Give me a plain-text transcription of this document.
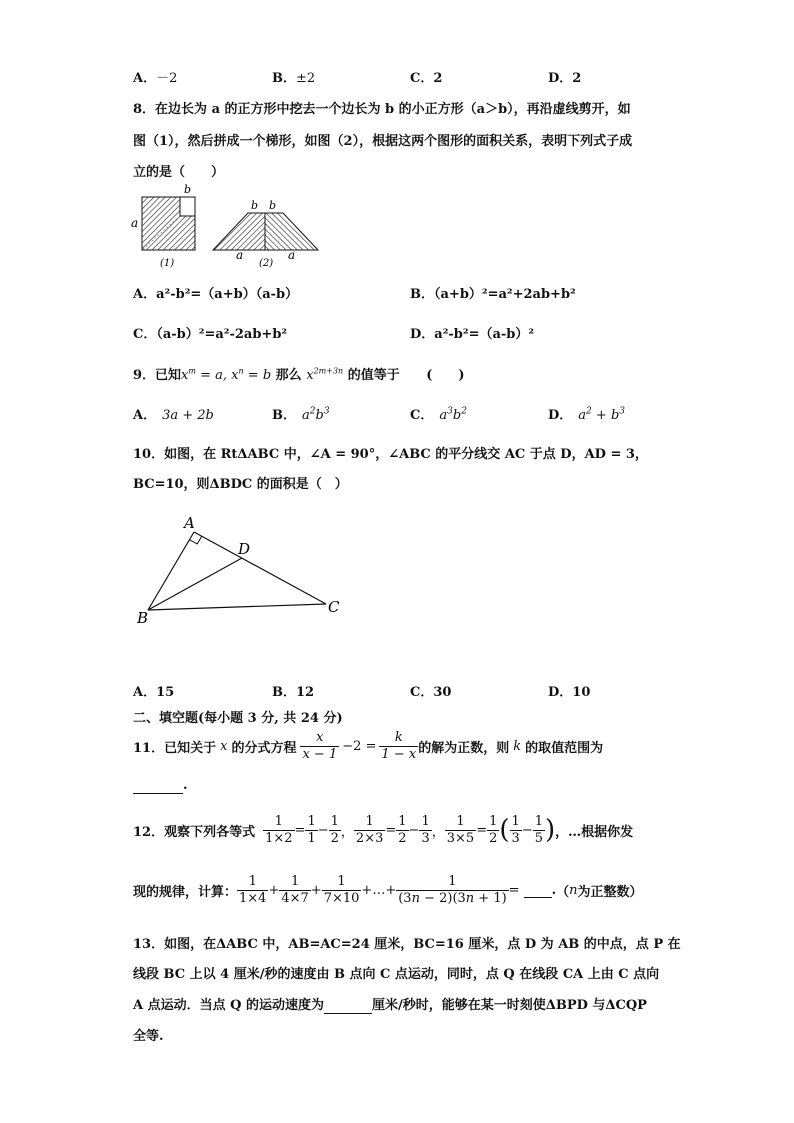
A．－2	B．±2	C．2	D．2
8．在边长为 a 的正方形中挖去一个边长为 b 的小正方形（a＞b），再沿虚线剪开，如
图（1），然后拼成一个梯形，如图（2），根据这两个图形的面积关系，表明下列式子成
立的是（　　）
a
b
(1)
b b
a	a
(2)
A．a²-b²=（a+b）（a-b）	B．（a+b）²=a²+2ab+b²
C．（a-b）²=a²-2ab+b²	D．a²-b²=（a-b）²
9．已知$x^m = a$, $x^n = b$ 那么 $x^{2m+3n}$ 的值等于 (　　)
A． 3a + 2b	B． $a^2b^3$	C． $a^3b^2$	D． $a^2 + b^3$
10．如图，在 RtΔABC 中，∠A = 90°，∠ABC 的平分线交 AC 于点 D，AD = 3，
BC=10，则ΔBDC 的面积是（　）
A
D
B
C
A．15	B．12	C．30	D．10
二、填空题(每小题 3 分, 共 24 分)
11．已知关于 x 的分式方程 $\frac{x}{x - 1} -2 = \frac{k}{1 - x}$ 的解为正数，则 k 的取值范围为
.
12．观察下列各等式 $\frac{1}{1\times 2} = \frac{1}{1} - \frac{1}{2}$ ， $\frac{1}{2\times 3} = \frac{1}{2} - \frac{1}{3}$ ， $\frac{1}{3\times 5} = \frac{1}{2}$ ( $\frac{1}{3} - \frac{1}{5}$ ) ，…根据你发
现的规律，计算： $\frac{1}{1\times 4} + \frac{1}{4\times 7} + \frac{1}{7\times 10}$ +…+ $\frac{1}{(3n - 2)(3n + 1)}$ =
. （ n 为正整数）
13．如图，在ΔABC 中，AB=AC=24 厘米，BC=16 厘米，点 D 为 AB 的中点，点 P 在
线段 BC 上以 4 厘米/秒的速度由 B 点向 C 点运动，同时，点 Q 在线段 CA 上由 C 点向
A 点运动．当点 Q 的运动速度为	厘米/秒时，能够在某一时刻使ΔBPD 与ΔCQP
全等.
